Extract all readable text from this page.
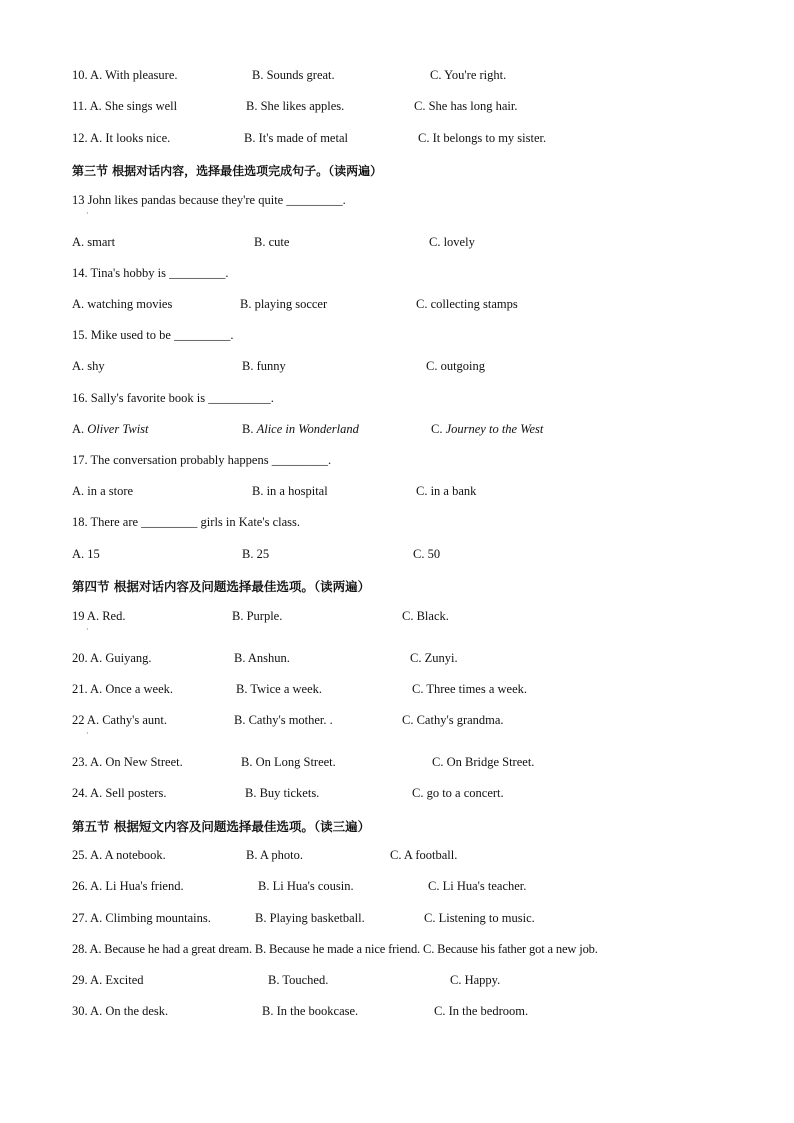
10. A. With pleasure.	B. Sounds great.	C. You're right.
11. A. She sings well	B. She likes apples.	C. She has long hair.
12. A. It looks nice.	B. It's made of metal	C. It belongs to my sister.
第三节 根据对话内容，选择最佳选项完成句子。（读两遍）
13 John likes pandas because they're quite _________.
·
A. smart	B. cute	C. lovely
14. Tina's hobby is _________.
A. watching movies	B. playing soccer	C. collecting stamps
15. Mike used to be _________.
A. shy	B. funny	C. outgoing
16. Sally's favorite book is __________.
A. Oliver Twist	B. Alice in Wonderland	C. Journey to the West
17. The conversation probably happens _________.
A. in a store	B. in a hospital	C. in a bank
18. There are _________ girls in Kate's class.
A. 15	B. 25	C. 50
第四节 根据对话内容及问题选择最佳选项。（读两遍）
19 A. Red.	B. Purple.	C. Black.
·
20. A. Guiyang.	B. Anshun.	C. Zunyi.
21. A. Once a week.	B. Twice a week.	C. Three times a week.
22 A. Cathy's aunt.	B. Cathy's mother. .	C. Cathy's grandma.
·
23. A. On New Street.	B. On Long Street.	C. On Bridge Street.
24. A. Sell posters.	B. Buy tickets.	C. go to a concert.
第五节 根据短文内容及问题选择最佳选项。（读三遍）
25. A. A notebook.	B. A photo.	C. A football.
26. A. Li Hua's friend.	B. Li Hua's cousin.	C. Li Hua's teacher.
27. A. Climbing mountains.	B. Playing basketball.	C. Listening to music.
28. A. Because he had a great dream. B. Because he made a nice friend. C. Because his father got a new job.
29. A. Excited	B. Touched.	C. Happy.
30. A. On the desk.	B. In the bookcase.	C. In the bedroom.
